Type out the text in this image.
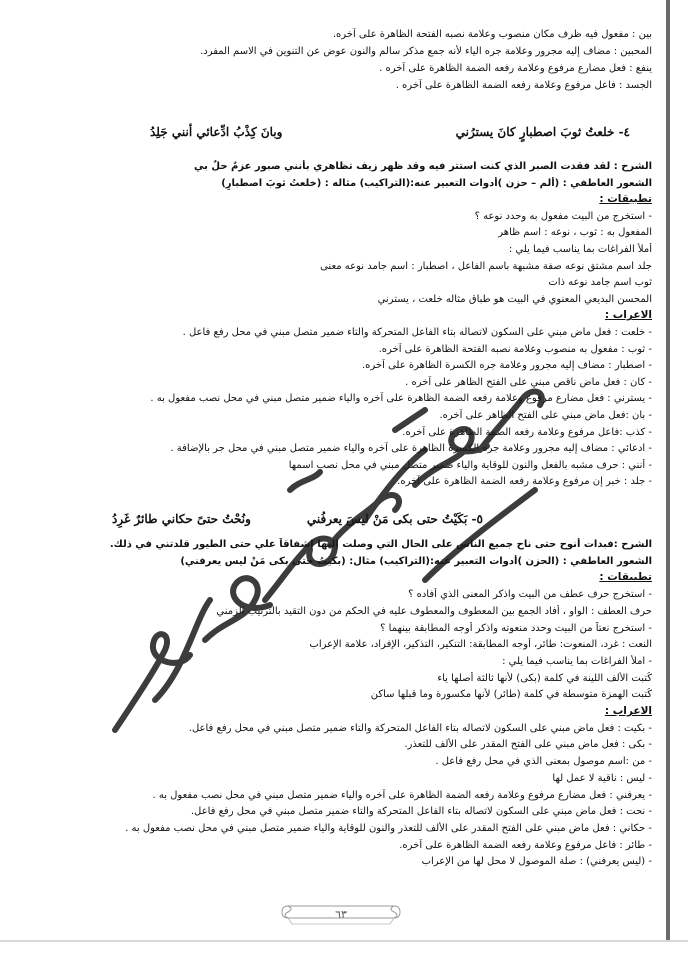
بين : مفعول فيه ظرف مكان منصوب وعلامة نصبه الفتحة الظاهرة على آخره.
المحبين : مضاف إليه مجرور وعلامة جره الياء لأنه جمع مذكر سالم والنون عوض عن التنوين في الاسم المفرد.
ينفع : فعل مضارع مرفوع وعلامة رفعه الضمة الظاهرة على آخره .
الجسد : فاعل مرفوع وعلامة رفعه الضمة الظاهرة على آخره .
٤- خلعتُ ثوبَ اصطبارٍ كانَ يسترُني
وبانَ كِذْبُ ادِّعائي أنني جَلِدُ
الشرح : لقد فقدت الصبر الذي كنت استتر فيه وقد ظهر زيف تظاهري بأنني صبور عزمٌ حلٌ بي
الشعور العاطفي : (ألم – حزن )أدوات التعبير عنه:(التراكيب) مثاله : (خلعتُ ثوبَ اصطبارٍ)
تطبيقات :
- استخرج من البيت مفعول به وحدد نوعه ؟
المفعول به : ثوب ، نوعه : اسم ظاهر
أملأ الفراغات بما يناسب فيما يلي :
جلد اسم مشتق نوعه صفة مشبهة باسم الفاعل ، اصطبار : اسم جامد نوعه معنى
ثوب اسم جامد نوعه ذات
المحسن البديعي المعنوي في البيت هو طباق مثاله خلعت ، يسترني
الاعراب :
- خلعت : فعل ماض مبني على السكون لاتصاله بتاء الفاعل المتحركة والتاء ضمير متصل مبني في محل رفع فاعل .
- ثوب : مفعول به منصوب وعلامة نصبه الفتحة الظاهرة على آخره.
- اصطبار : مضاف إليه مجرور وعلامة جره الكسرة الظاهرة على آخره.
- كان : فعل ماض ناقص مبني على الفتح الظاهر على آخره .
- يسترني : فعل مضارع مرفوع وعلامة رفعه الضمة الظاهرة على آخره والياء ضمير متصل مبني في محل نصب مفعول به .
- بان :فعل ماض مبني على الفتح الظاهر على آخره.
- كذب :فاعل مرفوع وعلامة رفعه الضمة الظاهرة على آخره.
- ادعائي : مضاف إليه مجرور وعلامة جره الكسرة الظاهرة على آخره والياء ضمير متصل مبني في محل جر بالإضافة .
- أنني : حرف مشبه بالفعل والنون للوقاية والياء ضمير متصل مبني في محل نصب اسمها
- جلد : خبر إن مرفوع وعلامة رفعه الضمة الظاهرة على آخره.
٥- بَكَيْتُ حتى بكى مَنْ ليسَ يعرفُني
ونُحْتُ حتىً حكاني طائرٌ غَرِدُ
الشرح :فبدات أنوح حتى ناح جميع الناس على الحال التي وصلت إليها إشفاقاً علي حتى الطيور قلدتني في ذلك.
الشعور العاطفي : (الحزن )أدوات التعبير عنه:(التراكيب) مثال: (بكيتُ حتى بكى مَنْ ليس يعرفني)
تطبيقات :
- استخرج حرف عطف من البيت واذكر المعنى الذي أفاده ؟
حرف العطف : الواو ، أفاد الجمع بين المعطوف والمعطوف عليه في الحكم من دون التقيد بالترتيب الزمني
- استخرج نعتاً من البيت وحدد منعوته واذكر أوجه المطابقة بينهما ؟
النعت : غرد، المنعوت: طائر، أوجه المطابقة: التنكير، التذكير، الإفراد، علامة الإعراب
- املأ الفراغات بما يناسب فيما يلي :
كُتبت الألف اللينة في كلمة (بكى) لأنها ثالثة أصلها ياء
كُتبت الهمزة متوسطة في كلمة (طائر) لأنها مكسورة وما قبلها ساكن
الاعراب :
- بكيت : فعل ماض مبني على السكون لاتصاله بتاء الفاعل المتحركة والتاء ضمير متصل مبني في محل رفع فاعل.
- بكى : فعل ماض مبني على الفتح المقدر على الألف للتعذر.
- من :اسم موصول بمعنى الذي في محل رفع فاعل .
- ليس : ناقية لا عمل لها
- يعرفني : فعل مضارع مرفوع وعلامة رفعه الضمة الظاهرة على آخره والياء ضمير متصل مبني في محل نصب مفعول به .
- نحت : فعل ماض مبني على السكون لاتصاله بتاء الفاعل المتحركة والتاء ضمير متصل مبني في محل رفع فاعل.
- حكاني : فعل ماض مبني على الفتح المقدر على الألف للتعذر والنون للوقاية والياء ضمير متصل مبني في محل نصب مفعول به .
- طائر : فاعل مرفوع وعلامة رفعه الضمة الظاهرة على آخره.
- (ليس يعرفني) : صلة الموصول لا محل لها من الإعراب
٦٣
